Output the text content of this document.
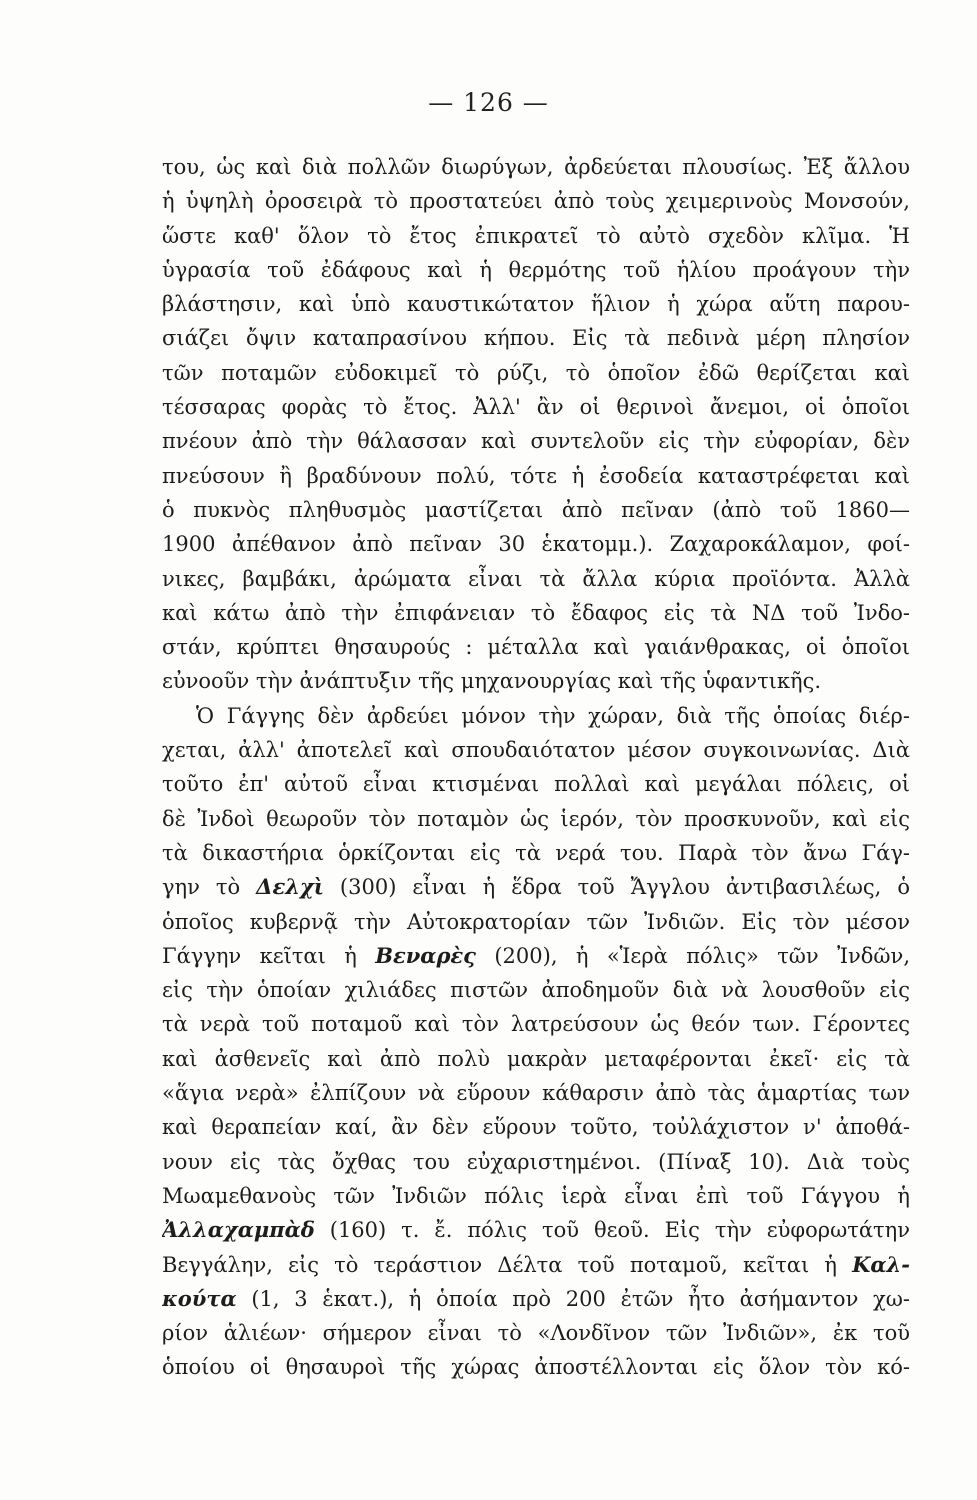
— 126 —
του, ὡς καὶ διὰ πολλῶν διωρύγων, ἀρδεύεται πλουσίως. Ἐξ ἄλλου
ἡ ὑψηλὴ ὀροσειρὰ τὸ προστατεύει ἀπὸ τοὺς χειμερινοὺς Μονσούν,
ὥστε καθ' ὅλον τὸ ἔτος ἐπικρατεῖ τὸ αὐτὸ σχεδὸν κλῖμα. Ἡ
ὑγρασία τοῦ ἐδάφους καὶ ἡ θερμότης τοῦ ἡλίου προάγουν τὴν
βλάστησιν, καὶ ὑπὸ καυστικώτατον ἥλιον ἡ χώρα αὕτη παρου-
σιάζει ὄψιν καταπρασίνου κήπου. Εἰς τὰ πεδινὰ μέρη πλησίον
τῶν ποταμῶν εὐδοκιμεῖ τὸ ρύζι, τὸ ὁποῖον ἐδῶ θερίζεται καὶ
τέσσαρας φορὰς τὸ ἔτος. Ἀλλ' ἂν οἱ θερινοὶ ἄνεμοι, οἱ ὁποῖοι
πνέουν ἀπὸ τὴν θάλασσαν καὶ συντελοῦν εἰς τὴν εὐφορίαν, δὲν
πνεύσουν ἢ βραδύνουν πολύ, τότε ἡ ἐσοδεία καταστρέφεται καὶ
ὁ πυκνὸς πληθυσμὸς μαστίζεται ἀπὸ πεῖναν (ἀπὸ τοῦ 1860—
1900 ἀπέθανον ἀπὸ πεῖναν 30 ἑκατομμ.). Ζαχαροκάλαμον, φοί-
νικες, βαμβάκι, ἀρώματα εἶναι τὰ ἄλλα κύρια προϊόντα. Ἀλλὰ
καὶ κάτω ἀπὸ τὴν ἐπιφάνειαν τὸ ἔδαφος εἰς τὰ ΝΔ τοῦ Ἰνδο-
στάν, κρύπτει θησαυρούς : μέταλλα καὶ γαιάνθρακας, οἱ ὁποῖοι
εὐνοοῦν τὴν ἀνάπτυξιν τῆς μηχανουργίας καὶ τῆς ὑφαντικῆς.
Ὁ Γάγγης δὲν ἀρδεύει μόνον τὴν χώραν, διὰ τῆς ὁποίας διέρ-
χεται, ἀλλ' ἀποτελεῖ καὶ σπουδαιότατον μέσον συγκοινωνίας. Διὰ
τοῦτο ἐπ' αὐτοῦ εἶναι κτισμέναι πολλαὶ καὶ μεγάλαι πόλεις, οἱ
δὲ Ἰνδοὶ θεωροῦν τὸν ποταμὸν ὡς ἱερόν, τὸν προσκυνοῦν, καὶ εἰς
τὰ δικαστήρια ὁρκίζονται εἰς τὰ νερά του. Παρὰ τὸν ἄνω Γάγ-
γην τὸ Δελχὶ (300) εἶναι ἡ ἕδρα τοῦ Ἄγγλου ἀντιβασιλέως, ὁ
ὁποῖος κυβερνᾷ τὴν Αὐτοκρατορίαν τῶν Ἰνδιῶν. Εἰς τὸν μέσον
Γάγγην κεῖται ἡ Βεναρὲς (200), ἡ «Ἱερὰ πόλις» τῶν Ἰνδῶν,
εἰς τὴν ὁποίαν χιλιάδες πιστῶν ἀποδημοῦν διὰ νὰ λουσθοῦν εἰς
τὰ νερὰ τοῦ ποταμοῦ καὶ τὸν λατρεύσουν ὡς θεόν των. Γέροντες
καὶ ἀσθενεῖς καὶ ἀπὸ πολὺ μακρὰν μεταφέρονται ἐκεῖ· εἰς τὰ
«ἅγια νερὰ» ἐλπίζουν νὰ εὕρουν κάθαρσιν ἀπὸ τὰς ἁμαρτίας των
καὶ θεραπείαν καί, ἂν δὲν εὕρουν τοῦτο, τοὐλάχιστον ν' ἀποθά-
νουν εἰς τὰς ὄχθας του εὐχαριστημένοι. (Πίναξ 10). Διὰ τοὺς
Μωαμεθανοὺς τῶν Ἰνδιῶν πόλις ἱερὰ εἶναι ἐπὶ τοῦ Γάγγου ἡ
Ἀλλαχαμπὰδ (160) τ. ἔ. πόλις τοῦ θεοῦ. Εἰς τὴν εὐφορωτάτην
Βεγγάλην, εἰς τὸ τεράστιον Δέλτα τοῦ ποταμοῦ, κεῖται ἡ Καλ-
κούτα (1, 3 ἑκατ.), ἡ ὁποία πρὸ 200 ἐτῶν ἦτο ἀσήμαντον χω-
ρίον ἁλιέων· σήμερον εἶναι τὸ «Λονδῖνον τῶν Ἰνδιῶν», ἐκ τοῦ
ὁποίου οἱ θησαυροὶ τῆς χώρας ἀποστέλλονται εἰς ὅλον τὸν κό-
